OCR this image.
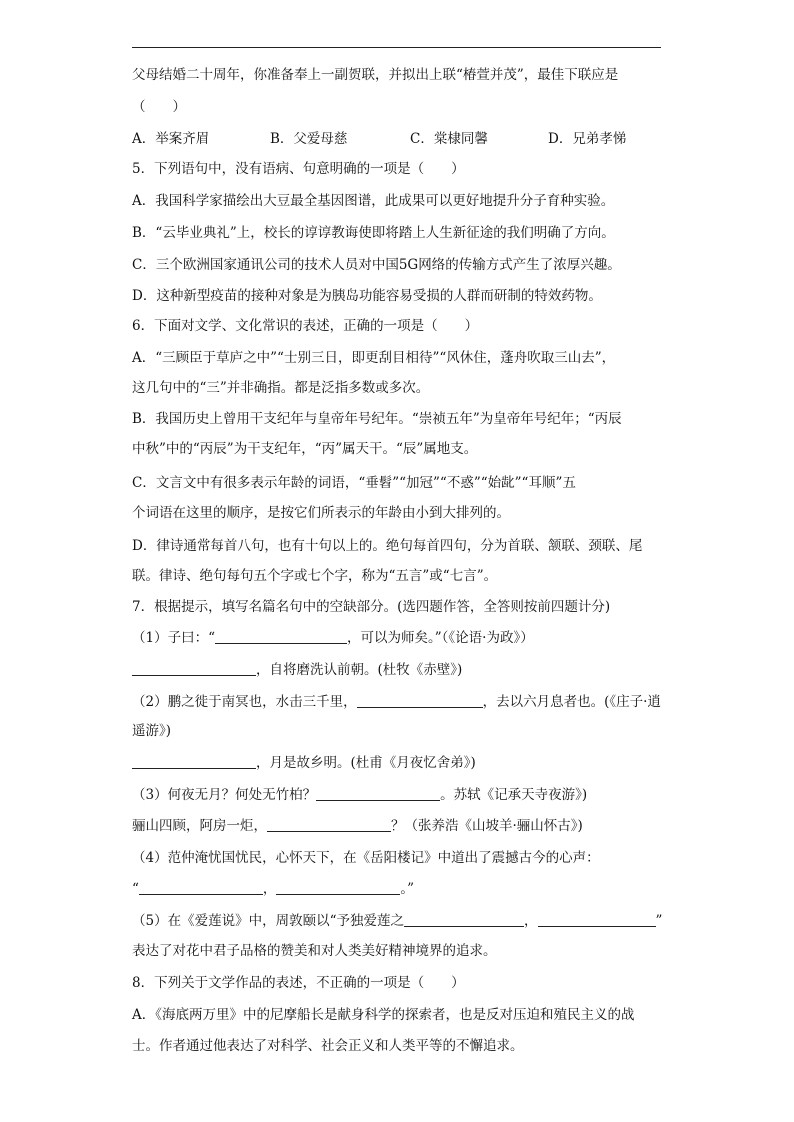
父母结婚二十周年，你准备奉上一副贺联，并拟出上联“椿萱并茂”，最佳下联应是
（　　）
A．举案齐眉	B．父爱母慈	C．棠棣同馨	D．兄弟孝悌
5．下列语句中，没有语病、句意明确的一项是（　　）
A．我国科学家描绘出大豆最全基因图谱，此成果可以更好地提升分子育种实验。
B．“云毕业典礼”上，校长的谆谆教诲使即将踏上人生新征途的我们明确了方向。
C．三个欧洲国家通讯公司的技术人员对中国5G网络的传输方式产生了浓厚兴趣。
D．这种新型疫苗的接种对象是为胰岛功能容易受损的人群而研制的特效药物。
6．下面对文学、文化常识的表述，正确的一项是（　　）
A．“三顾臣于草庐之中”“士别三日，即更刮目相待”“风休住，蓬舟吹取三山去”，
这几句中的“三”并非确指。都是泛指多数或多次。
B．我国历史上曾用干支纪年与皇帝年号纪年。“崇祯五年”为皇帝年号纪年；“丙辰
中秋”中的“丙辰”为干支纪年，“丙”属天干。“辰”属地支。
C．文言文中有很多表示年龄的词语，“垂髫”“加冠”“不惑”“始龀”“耳顺”五
个词语在这里的顺序，是按它们所表示的年龄由小到大排列的。
D．律诗通常每首八句，也有十句以上的。绝句每首四句，分为首联、颔联、颈联、尾
联。律诗、绝句每句五个字或七个字，称为“五言”或“七言”。
7．根据提示，填写名篇名句中的空缺部分。(选四题作答，全答则按前四题计分)
（1）子曰：“	，可以为师矣。”（《论语·为政》）
，自将磨洗认前朝。(杜牧《赤壁》)
（2）鹏之徙于南冥也，水击三千里，	，去以六月息者也。(《庄子·逍
遥游》)
，月是故乡明。(杜甫《月夜忆舍弟》)
（3）何夜无月？何处无竹柏？	。苏轼《记承天寺夜游》)
骊山四顾，阿房一炬，	？（张养浩《山坡羊·骊山怀古》)
（4）范仲淹忧国忧民，心怀天下，在《岳阳楼记》中道出了震撼古今的心声：
“	，	。”
（5）在《爱莲说》中，周敦颐以“予独爱莲之	，	”
表达了对花中君子品格的赞美和对人类美好精神境界的追求。
8．下列关于文学作品的表述，不正确的一项是（　　）
A．《海底两万里》中的尼摩船长是献身科学的探索者，也是反对压迫和殖民主义的战
士。作者通过他表达了对科学、社会正义和人类平等的不懈追求。
